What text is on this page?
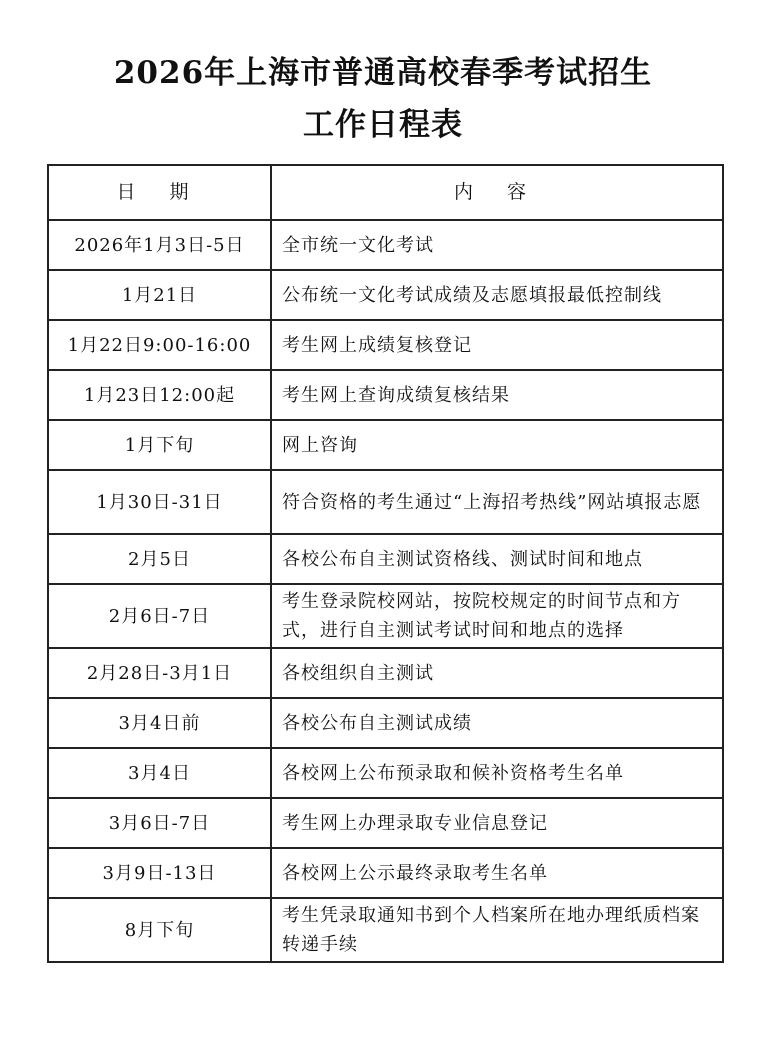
2026年上海市普通高校春季考试招生
工作日程表
日 期	内 容
2026年1月3日-5日	全市统一文化考试
1月21日	公布统一文化考试成绩及志愿填报最低控制线
1月22日9:00-16:00	考生网上成绩复核登记
1月23日12:00起	考生网上查询成绩复核结果
1月下旬	网上咨询
1月30日-31日	符合资格的考生通过“上海招考热线”网站填报志愿
2月5日	各校公布自主测试资格线、测试时间和地点
2月6日-7日	考生登录院校网站，按院校规定的时间节点和方式，进行自主测试考试时间和地点的选择
2月28日-3月1日	各校组织自主测试
3月4日前	各校公布自主测试成绩
3月4日	各校网上公布预录取和候补资格考生名单
3月6日-7日	考生网上办理录取专业信息登记
3月9日-13日	各校网上公示最终录取考生名单
8月下旬	考生凭录取通知书到个人档案所在地办理纸质档案转递手续
